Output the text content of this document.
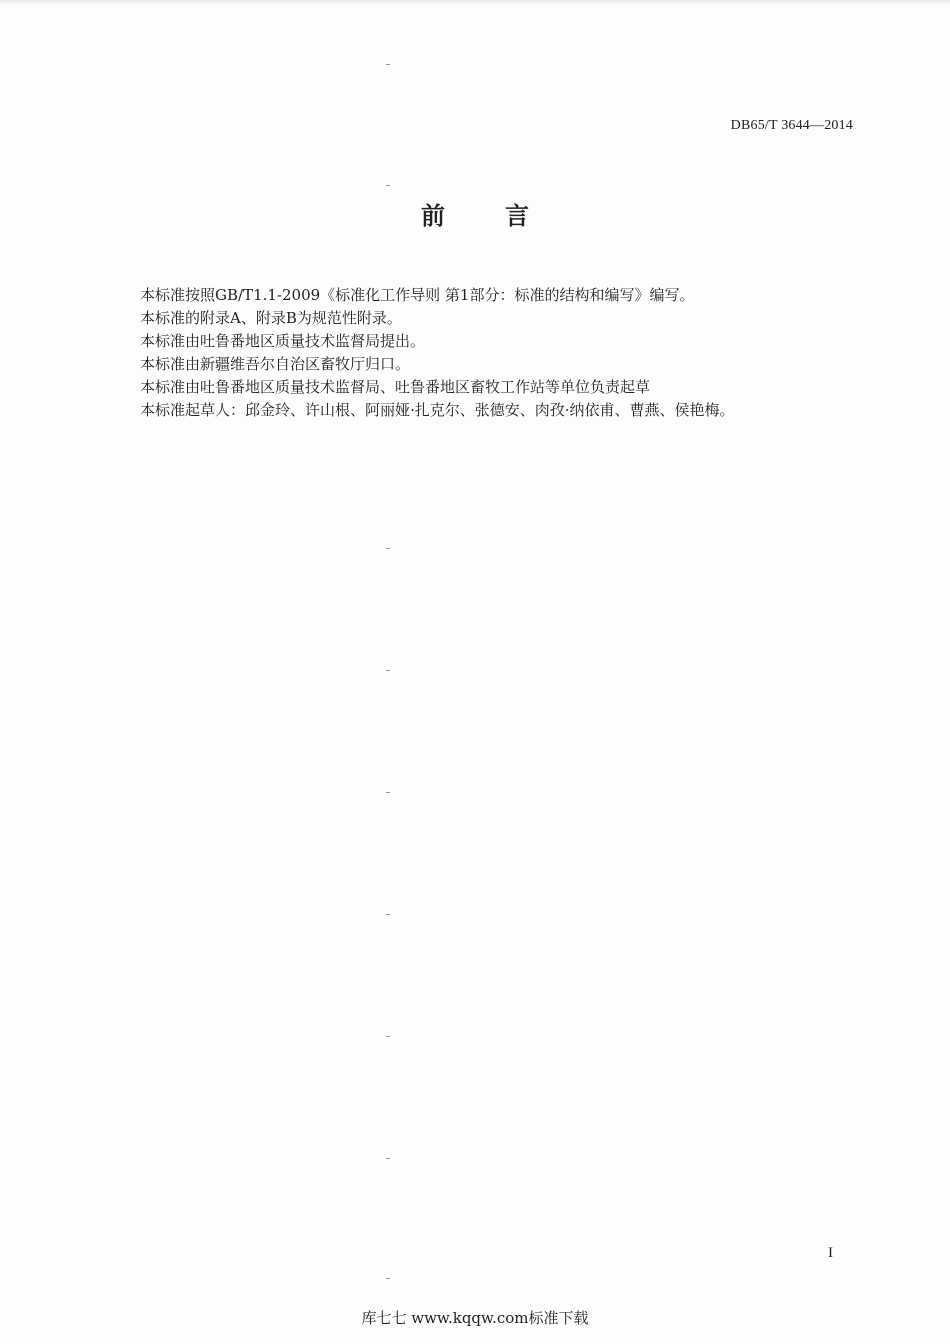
DB65/T 3644—2014
前	言

本标准按照GB/T1.1-2009《标准化工作导则 第1部分：标准的结构和编写》编写。

本标准的附录A、附录B为规范性附录。

本标准由吐鲁番地区质量技术监督局提出。

本标准由新疆维吾尔自治区畜牧厅归口。

本标准由吐鲁番地区质量技术监督局、吐鲁番地区畜牧工作站等单位负责起草

本标准起草人：邱金玲、许山根、阿丽娅·扎克尔、张德安、肉孜·纳依甫、曹燕、侯艳梅。

I
库七七 www.kqqw.com标准下载
